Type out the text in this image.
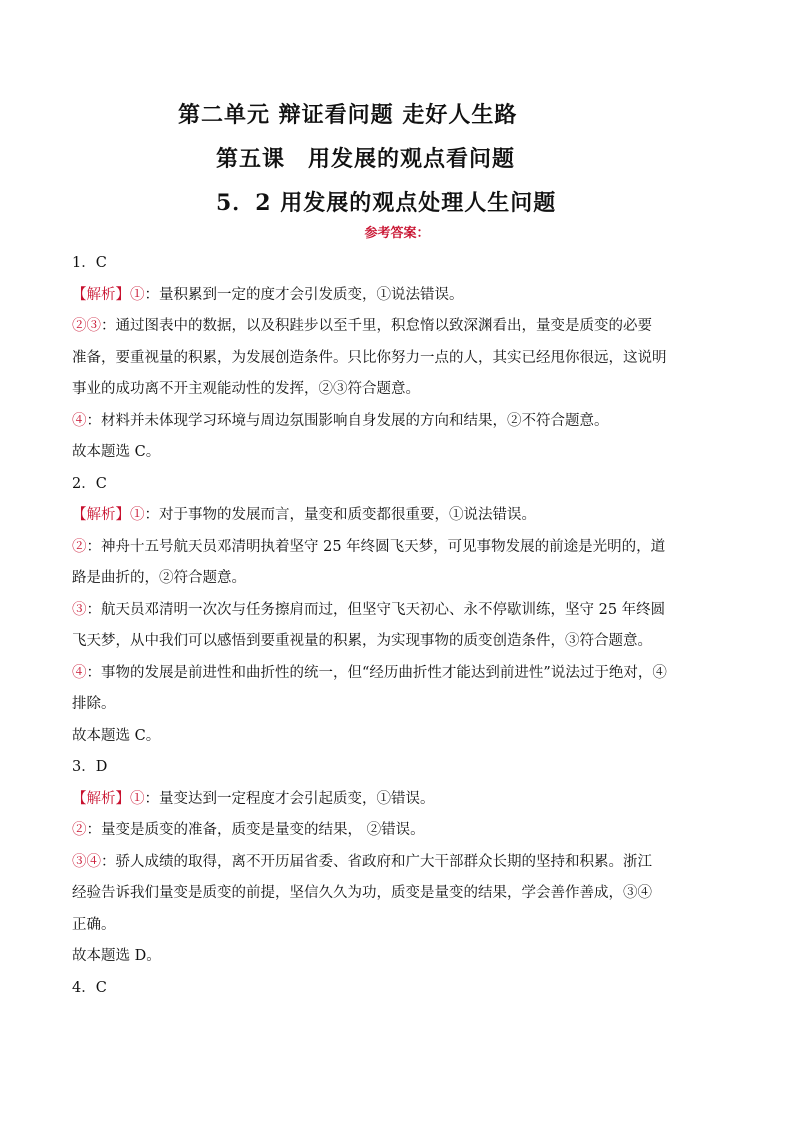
第二单元 辩证看问题 走好人生路
第五课　用发展的观点看问题
5．2 用发展的观点处理人生问题
参考答案：
1．C
【解析】①：量积累到一定的度才会引发质变，①说法错误。
②③：通过图表中的数据，以及积跬步以至千里，积怠惰以致深渊看出，量变是质变的必要
准备，要重视量的积累，为发展创造条件。只比你努力一点的人，其实已经甩你很远，这说明
事业的成功离不开主观能动性的发挥，②③符合题意。
④：材料并未体现学习环境与周边氛围影响自身发展的方向和结果，②不符合题意。
故本题选 C。
2．C
【解析】①：对于事物的发展而言，量变和质变都很重要，①说法错误。
②：神舟十五号航天员邓清明执着坚守 25 年终圆飞天梦，可见事物发展的前途是光明的，道
路是曲折的，②符合题意。
③：航天员邓清明一次次与任务擦肩而过，但坚守飞天初心、永不停歇训练，坚守 25 年终圆
飞天梦，从中我们可以感悟到要重视量的积累，为实现事物的质变创造条件，③符合题意。
④：事物的发展是前进性和曲折性的统一，但“经历曲折性才能达到前进性”说法过于绝对，④
排除。
故本题选 C。
3．D
【解析】①：量变达到一定程度才会引起质变，①错误。
②：量变是质变的准备，质变是量变的结果， ②错误。
③④：骄人成绩的取得，离不开历届省委、省政府和广大干部群众长期的坚持和积累。浙江
经验告诉我们量变是质变的前提，坚信久久为功，质变是量变的结果，学会善作善成，③④
正确。
故本题选 D。
4．C
